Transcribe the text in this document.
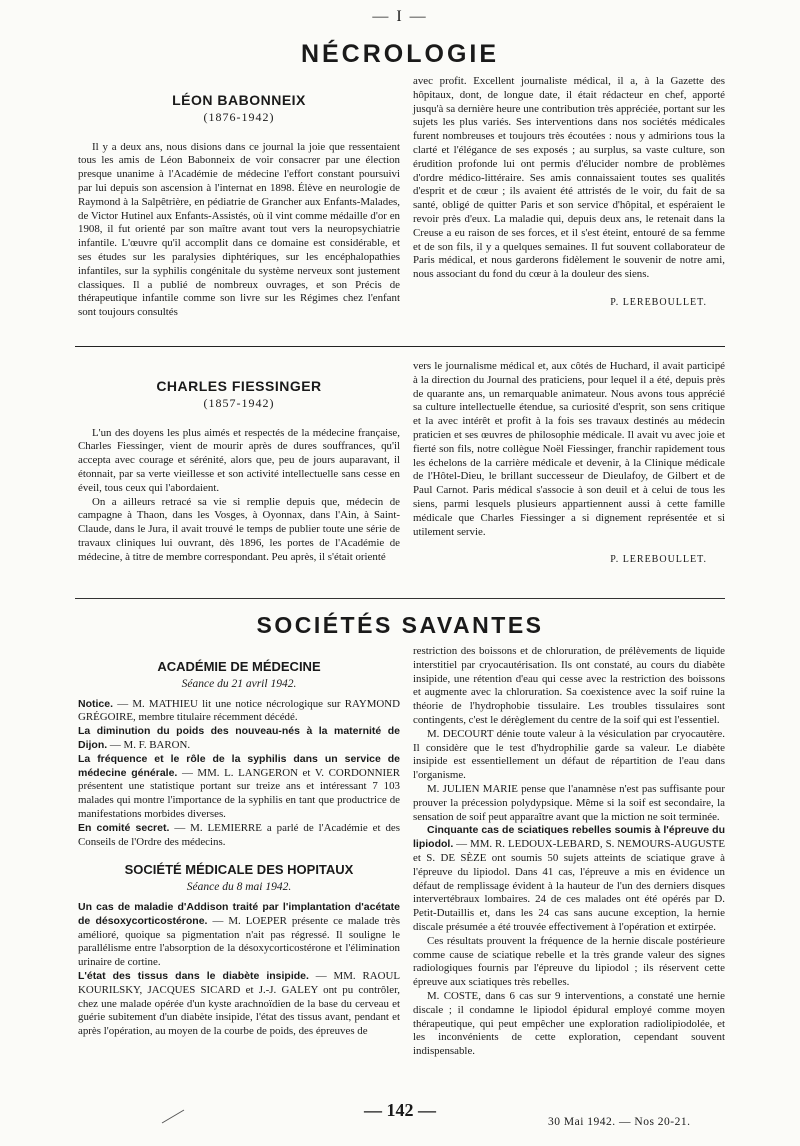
— I —
NÉCROLOGIE

LÉON BABONNEIX

(1876-1942)

Il y a deux ans, nous disions dans ce journal la joie que ressentaient tous les amis de Léon Babonneix de voir consacrer par une élection presque unanime à l'Académie de médecine l'effort constant poursuivi par lui depuis son ascension à l'internat en 1898. Élève en neurologie de Raymond à la Salpêtrière, en pédiatrie de Grancher aux Enfants-Malades, de Victor Hutinel aux Enfants-Assistés, où il vint comme médaille d'or en 1908, il fut orienté par son maître avant tout vers la neuropsychiatrie infantile. L'œuvre qu'il accomplit dans ce domaine est considérable, et ses études sur les paralysies diphtériques, sur les encéphalopathies infantiles, sur la syphilis congénitale du système nerveux sont justement classiques. Il a publié de nombreux ouvrages, et son Précis de thérapeutique infantile comme son livre sur les Régimes chez l'enfant sont toujours consultés

avec profit. Excellent journaliste médical, il a, à la Gazette des hôpitaux, dont, de longue date, il était rédacteur en chef, apporté jusqu'à sa dernière heure une contribution très appréciée, portant sur les sujets les plus variés. Ses interventions dans nos sociétés médicales furent nombreuses et toujours très écoutées : nous y admirions tous la clarté et l'élégance de ses exposés ; au surplus, sa vaste culture, son érudition profonde lui ont permis d'élucider nombre de problèmes d'ordre médico-littéraire. Ses amis connaissaient toutes ses qualités d'esprit et de cœur ; ils avaient été attristés de le voir, du fait de sa santé, obligé de quitter Paris et son service d'hôpital, et espéraient le revoir près d'eux. La maladie qui, depuis deux ans, le retenait dans la Creuse a eu raison de ses forces, et il s'est éteint, entouré de sa femme et de son fils, il y a quelques semaines. Il fut souvent collaborateur de Paris médical, et nous garderons fidèlement le souvenir de notre ami, nous associant du fond du cœur à la douleur des siens.

P. LEREBOULLET.

CHARLES FIESSINGER

(1857-1942)

L'un des doyens les plus aimés et respectés de la médecine française, Charles Fiessinger, vient de mourir après de dures souffrances, qu'il accepta avec courage et sérénité, alors que, peu de jours auparavant, il étonnait, par sa verte vieillesse et son activité intellectuelle sans cesse en éveil, tous ceux qui l'abordaient.

On a ailleurs retracé sa vie si remplie depuis que, médecin de campagne à Thaon, dans les Vosges, à Oyonnax, dans l'Ain, à Saint-Claude, dans le Jura, il avait trouvé le temps de publier toute une série de travaux cliniques lui ouvrant, dès 1896, les portes de l'Académie de médecine, à titre de membre correspondant. Peu après, il s'était orienté

vers le journalisme médical et, aux côtés de Huchard, il avait participé à la direction du Journal des praticiens, pour lequel il a été, depuis près de quarante ans, un remarquable animateur. Nous avons tous apprécié sa culture intellectuelle étendue, sa curiosité d'esprit, son sens critique et la avec intérêt et profit à la fois ses travaux destinés au médecin praticien et ses œuvres de philosophie médicale. Il avait vu avec joie et fierté son fils, notre collègue Noël Fiessinger, franchir rapidement tous les échelons de la carrière médicale et devenir, à la Clinique médicale de l'Hôtel-Dieu, le brillant successeur de Dieulafoy, de Gilbert et de Paul Carnot. Paris médical s'associe à son deuil et à celui de tous les siens, parmi lesquels plusieurs appartiennent aussi à cette famille médicale que Charles Fiessinger a si dignement représentée et si utilement servie.

P. LEREBOULLET.

SOCIÉTÉS SAVANTES

ACADÉMIE DE MÉDECINE

Séance du 21 avril 1942.

Notice. — M. MATHIEU lit une notice nécrologique sur RAYMOND GRÉGOIRE, membre titulaire récemment décédé.

La diminution du poids des nouveau-nés à la maternité de Dijon. — M. F. BARON.

La fréquence et le rôle de la syphilis dans un service de médecine générale. — MM. L. LANGERON et V. CORDONNIER présentent une statistique portant sur treize ans et intéressant 7 103 malades qui montre l'importance de la syphilis en tant que productrice de manifestations morbides diverses.

En comité secret. — M. LEMIERRE a parlé de l'Académie et des Conseils de l'Ordre des médecins.

SOCIÉTÉ MÉDICALE DES HOPITAUX

Séance du 8 mai 1942.

Un cas de maladie d'Addison traité par l'implantation d'acétate de désoxycorticostérone. — M. LOEPER présente ce malade très amélioré, quoique sa pigmentation n'ait pas régressé. Il souligne le parallélisme entre l'absorption de la désoxycorticostérone et l'élimination urinaire de cortine.

L'état des tissus dans le diabète insipide. — MM. RAOUL KOURILSKY, JACQUES SICARD et J.-J. GALEY ont pu contrôler, chez une malade opérée d'un kyste arachnoïdien de la base du cerveau et guérie subitement d'un diabète insipide, l'état des tissus avant, pendant et après l'opération, au moyen de la courbe de poids, des épreuves de

restriction des boissons et de chloruration, de prélèvements de liquide interstitiel par cryocautérisation. Ils ont constaté, au cours du diabète insipide, une rétention d'eau qui cesse avec la restriction des boissons et augmente avec la chloruration. Sa coexistence avec la soif ruine la théorie de l'hydrophobie tissulaire. Les troubles tissulaires sont contingents, c'est le dérèglement du centre de la soif qui est l'essentiel.

M. DECOURT dénie toute valeur à la vésiculation par cryocautère. Il considère que le test d'hydrophilie garde sa valeur. Le diabète insipide est essentiellement un défaut de répartition de l'eau dans l'organisme.

M. JULIEN MARIE pense que l'anamnèse n'est pas suffisante pour prouver la précession polydypsique. Même si la soif est secondaire, la sensation de soif peut apparaître avant que la miction ne soit terminée.

Cinquante cas de sciatiques rebelles soumis à l'épreuve du lipiodol. — MM. R. LEDOUX-LEBARD, S. NEMOURS-AUGUSTE et S. DE SÈZE ont soumis 50 sujets atteints de sciatique grave à l'épreuve du lipiodol. Dans 41 cas, l'épreuve a mis en évidence un défaut de remplissage évident à la hauteur de l'un des derniers disques intervertébraux lombaires. 24 de ces malades ont été opérés par D. Petit-Dutaillis et, dans les 24 cas sans aucune exception, la hernie discale présumée a été trouvée effectivement à l'opération et extirpée.

Ces résultats prouvent la fréquence de la hernie discale postérieure comme cause de sciatique rebelle et la très grande valeur des signes radiologiques fournis par l'épreuve du lipiodol ; ils réservent cette épreuve aux sciatiques très rebelles.

M. COSTE, dans 6 cas sur 9 interventions, a constaté une hernie discale ; il condamne le lipiodol épidural employé comme moyen thérapeutique, qui peut empêcher une exploration radiolipiodolée, et les inconvénients de cette exploration, cependant souvent indispensable.

— 142 —
30 Mai 1942. — Nos 20-21.
